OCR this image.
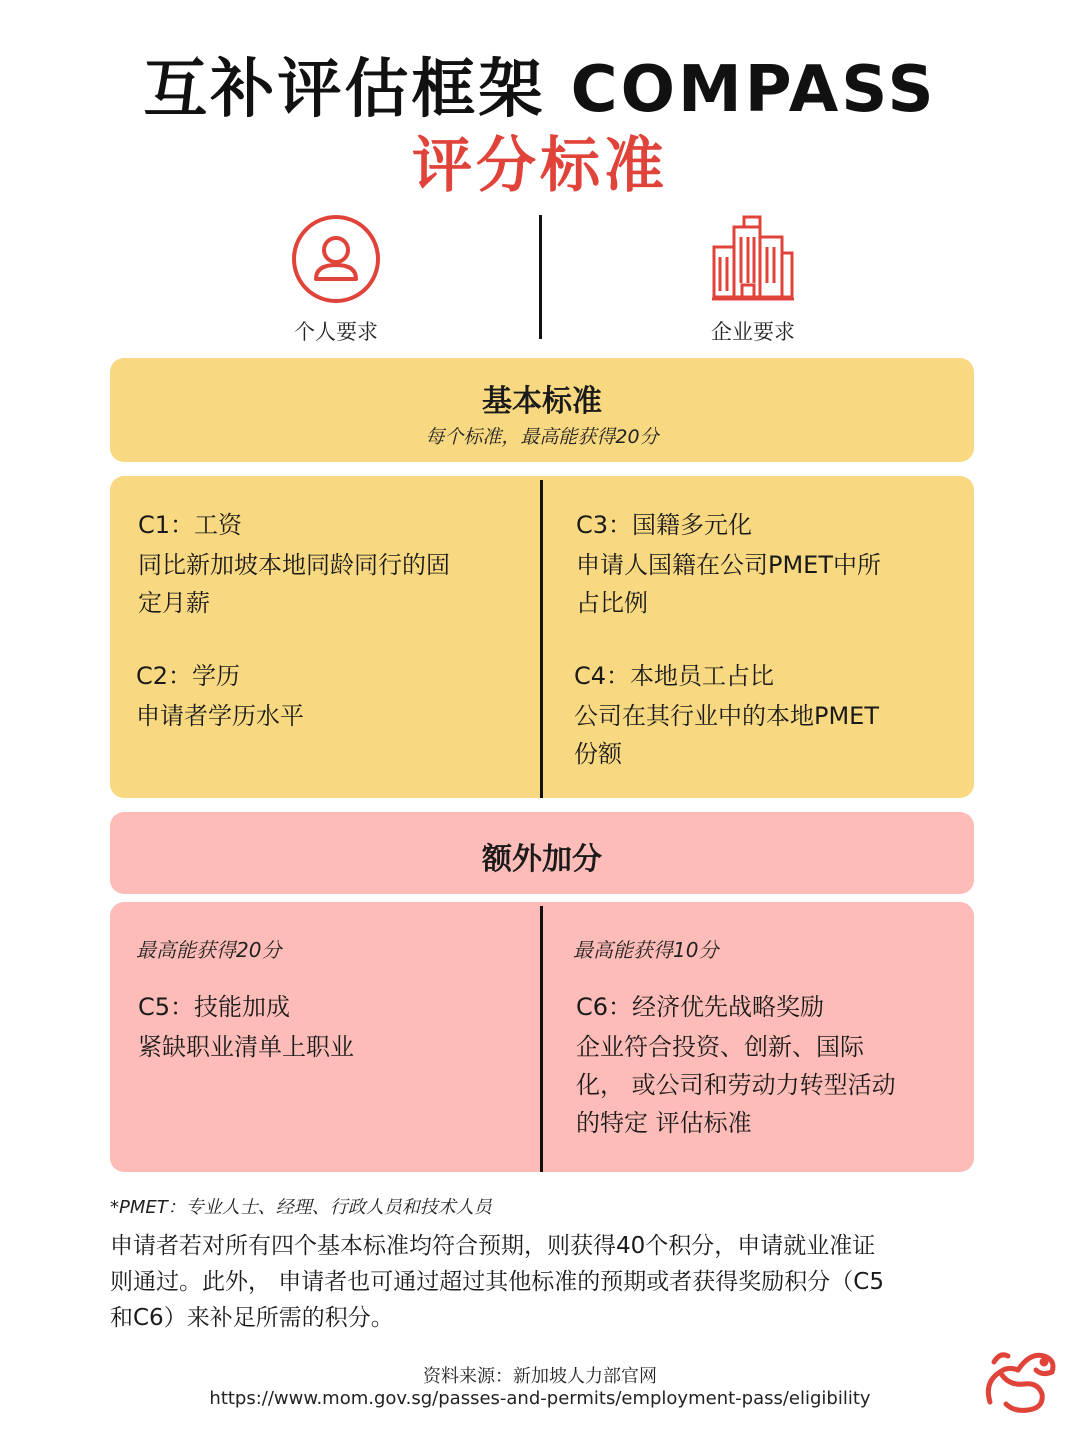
互补评估框架 COMPASS
评分标准
个人要求	企业要求
基本标准
每个标准，最高能获得20分
C1：工资
同比新加坡本地同龄同行的固
定月薪
C2：学历
申请者学历水平
C3：国籍多元化
申请人国籍在公司PMET中所
占比例
C4：本地员工占比
公司在其行业中的本地PMET
份额
额外加分
最高能获得20分
C5：技能加成
紧缺职业清单上职业
最高能获得10分
C6：经济优先战略奖励
企业符合投资、创新、国际
化， 或公司和劳动力转型活动
的特定 评估标准
*PMET：专业人士、经理、行政人员和技术人员
申请者若对所有四个基本标准均符合预期，则获得40个积分，申请就业准证
则通过。此外， 申请者也可通过超过其他标准的预期或者获得奖励积分（C5
和C6）来补足所需的积分。
资料来源：新加坡人力部官网
https://www.mom.gov.sg/passes-and-permits/employment-pass/eligibility
